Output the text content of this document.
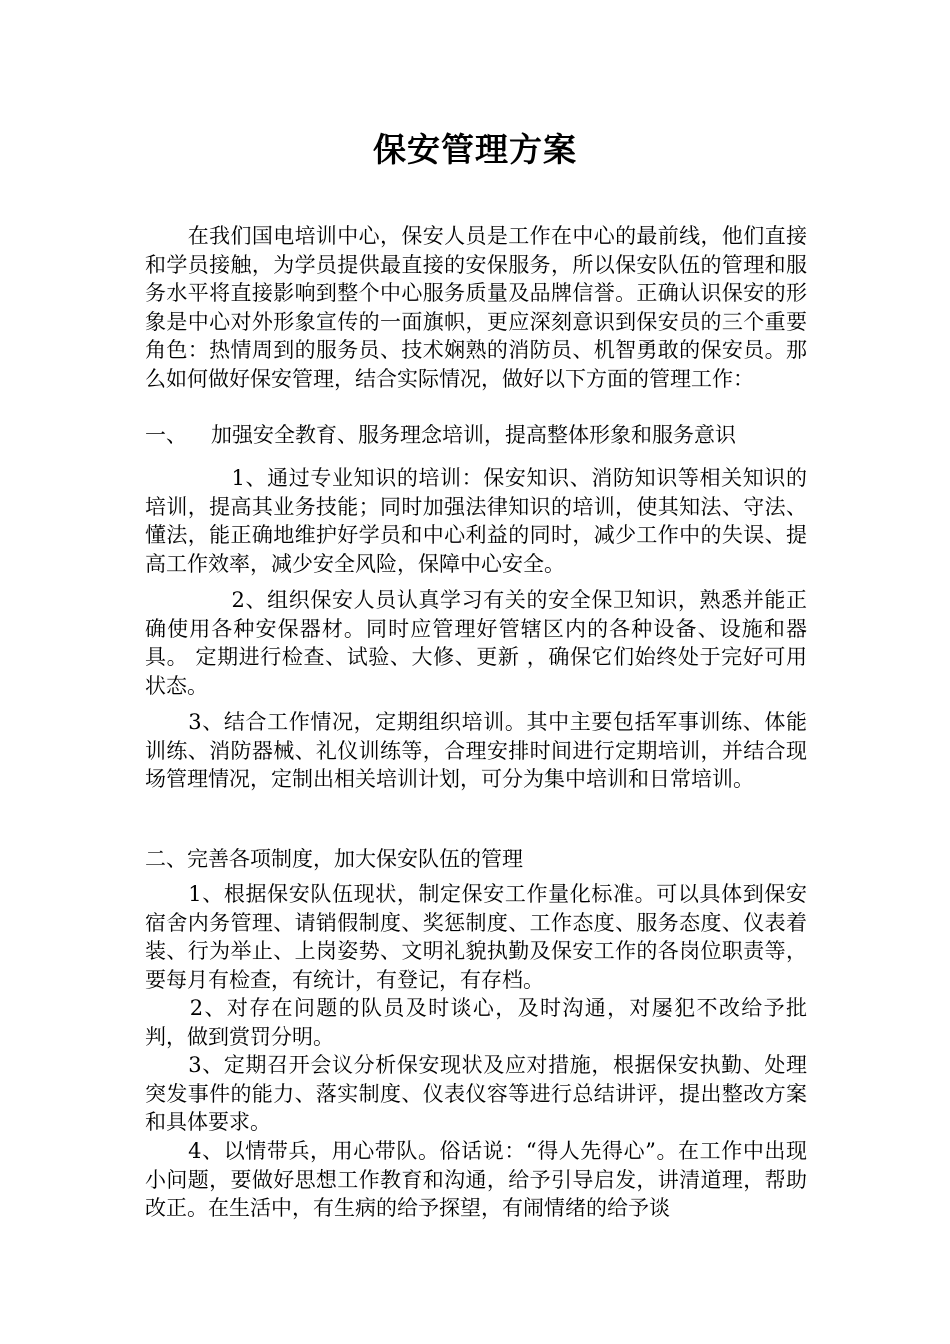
保安管理方案

　　在我们国电培训中心，保安人员是工作在中心的最前线，他们直接和学员接触，为学员提供最直接的安保服务，所以保安队伍的管理和服务水平将直接影响到整个中心服务质量及品牌信誉。正确认识保安的形象是中心对外形象宣传的一面旗帜，更应深刻意识到保安员的三个重要角色：热情周到的服务员、技术娴熟的消防员、机智勇敢的保安员。那么如何做好保安管理，结合实际情况，做好以下方面的管理工作：

一、 加强安全教育、服务理念培训，提高整体形象和服务意识

　　　　1、通过专业知识的培训：保安知识、消防知识等相关知识的培训，提高其业务技能；同时加强法律知识的培训，使其知法、守法、懂法，能正确地维护好学员和中心利益的同时，减少工作中的失误、提高工作效率，减少安全风险，保障中心安全。

　　　　2、组织保安人员认真学习有关的安全保卫知识，熟悉并能正确使用各种安保器材。同时应管理好管辖区内的各种设备、设施和器具。 定期进行检查、试验、大修、更新 ，确保它们始终处于完好可用状态。

　　3、结合工作情况，定期组织培训。其中主要包括军事训练、体能训练、消防器械、礼仪训练等，合理安排时间进行定期培训，并结合现场管理情况，定制出相关培训计划，可分为集中培训和日常培训。

二、完善各项制度，加大保安队伍的管理

　　1、根据保安队伍现状，制定保安工作量化标准。可以具体到保安宿舍内务管理、请销假制度、奖惩制度、工作态度、服务态度、仪表着装、行为举止、上岗姿势、文明礼貌执勤及保安工作的各岗位职责等，要每月有检查，有统计，有登记，有存档。

　　2、对存在问题的队员及时谈心，及时沟通，对屡犯不改给予批判，做到赏罚分明。

　　3、定期召开会议分析保安现状及应对措施，根据保安执勤、处理突发事件的能力、落实制度、仪表仪容等进行总结讲评，提出整改方案和具体要求。

　　4、以情带兵，用心带队。俗话说：“得人先得心”。在工作中出现小问题，要做好思想工作教育和沟通，给予引导启发，讲清道理，帮助改正。在生活中，有生病的给予探望，有闹情绪的给予谈
